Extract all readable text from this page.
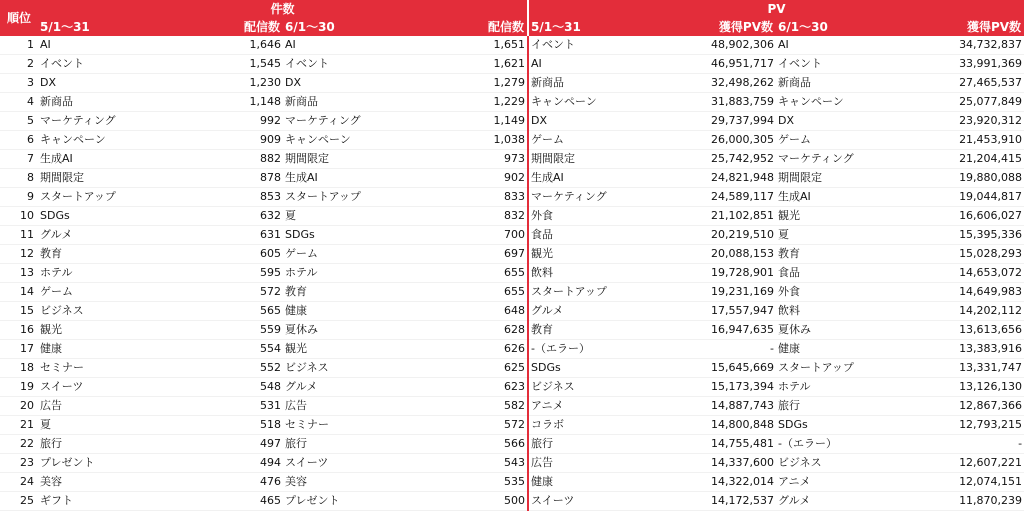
順位	件数				PV			
	5/1～31	配信数	6/1～30	配信数	5/1～31	獲得PV数	6/1～30	獲得PV数
1	AI	1,646	AI	1,651	イベント	48,902,306	AI	34,732,837
2	イベント	1,545	イベント	1,621	AI	46,951,717	イベント	33,991,369
3	DX	1,230	DX	1,279	新商品	32,498,262	新商品	27,465,537
4	新商品	1,148	新商品	1,229	キャンペーン	31,883,759	キャンペーン	25,077,849
5	マーケティング	992	マーケティング	1,149	DX	29,737,994	DX	23,920,312
6	キャンペーン	909	キャンペーン	1,038	ゲーム	26,000,305	ゲーム	21,453,910
7	生成AI	882	期間限定	973	期間限定	25,742,952	マーケティング	21,204,415
8	期間限定	878	生成AI	902	生成AI	24,821,948	期間限定	19,880,088
9	スタートアップ	853	スタートアップ	833	マーケティング	24,589,117	生成AI	19,044,817
10	SDGs	632	夏	832	外食	21,102,851	観光	16,606,027
11	グルメ	631	SDGs	700	食品	20,219,510	夏	15,395,336
12	教育	605	ゲーム	697	観光	20,088,153	教育	15,028,293
13	ホテル	595	ホテル	655	飲料	19,728,901	食品	14,653,072
14	ゲーム	572	教育	655	スタートアップ	19,231,169	外食	14,649,983
15	ビジネス	565	健康	648	グルメ	17,557,947	飲料	14,202,112
16	観光	559	夏休み	628	教育	16,947,635	夏休み	13,613,656
17	健康	554	観光	626	-（エラー）	-	健康	13,383,916
18	セミナー	552	ビジネス	625	SDGs	15,645,669	スタートアップ	13,331,747
19	スイーツ	548	グルメ	623	ビジネス	15,173,394	ホテル	13,126,130
20	広告	531	広告	582	アニメ	14,887,743	旅行	12,867,366
21	夏	518	セミナー	572	コラボ	14,800,848	SDGs	12,793,215
22	旅行	497	旅行	566	旅行	14,755,481	-（エラー）	-
23	プレゼント	494	スイーツ	543	広告	14,337,600	ビジネス	12,607,221
24	美容	476	美容	535	健康	14,322,014	アニメ	12,074,151
25	ギフト	465	プレゼント	500	スイーツ	14,172,537	グルメ	11,870,239
